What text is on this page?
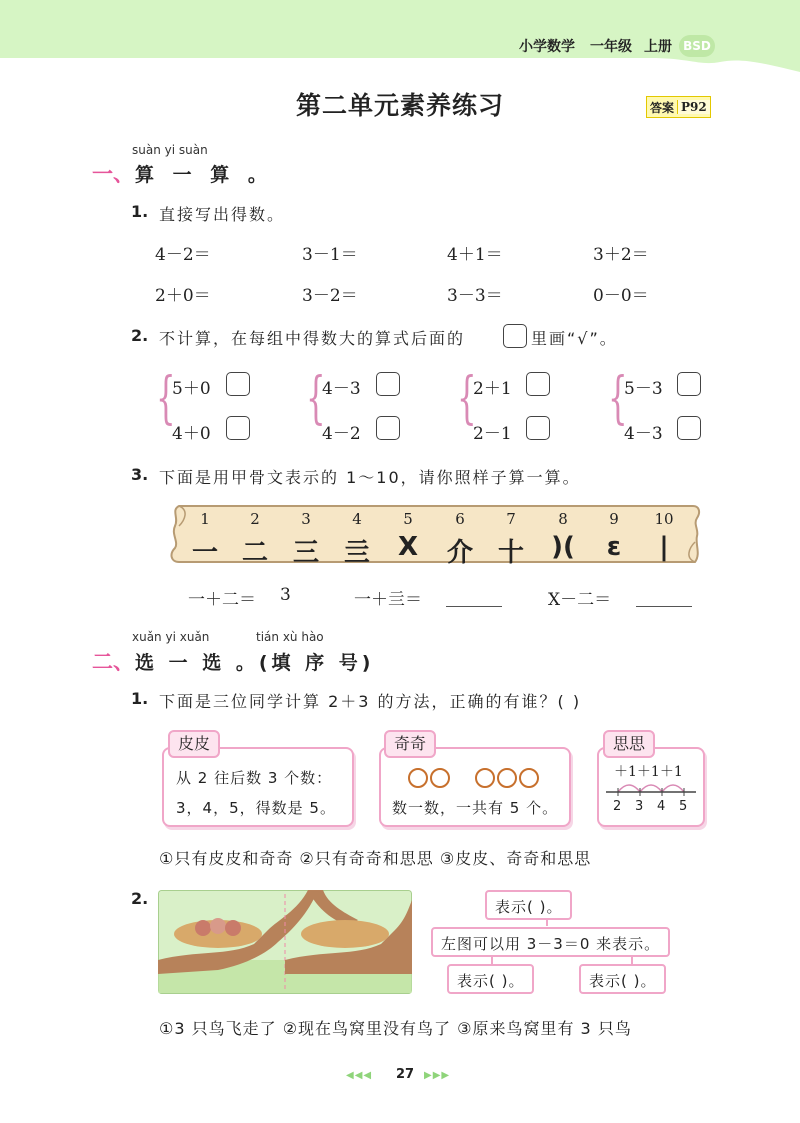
小学数学 一年级 上册 BSD
第二单元素养练习	答案 P92
suàn yi suàn
一、 算 一 算 。
1. 直接写出得数。
4－2＝	3－1＝	4＋1＝	3＋2＝
2＋0＝	3－2＝	3－3＝	0－0＝
2. 不计算，在每组中得数大的算式后面的	里画“√”。
{
5＋0
4＋0
{
4－3
4－2
{
2＋1
2－1
{
5－3
4－3
3. 下面是用甲骨文表示的 1～10，请你照样子算一算。
1	2	3	4	5	6	7	8	9	10
一 二 三 亖	X	介 十	)(	ɛ	|
一＋二＝ 3	一＋亖＝	X－二＝
xuǎn yi xuǎn	tián xù hào
二、 选 一 选 。(填 序 号)
1. 下面是三位同学计算 2＋3 的方法，正确的有谁？( )
皮皮
从 2 往后数 3 个数：
3，4，5，得数是 5。
奇奇
数一数，一共有 5 个。
思思
＋1＋1＋1
2 3 4 5
①只有皮皮和奇奇 ②只有奇奇和思思 ③皮皮、奇奇和思思
2.	表示( )。
左图可以用 3－3＝0 来表示。
表示( )。	表示( )。
①3 只鸟飞走了 ②现在鸟窝里没有鸟了 ③原来鸟窝里有 3 只鸟
◀◀◀ 27 ▶▶▶
